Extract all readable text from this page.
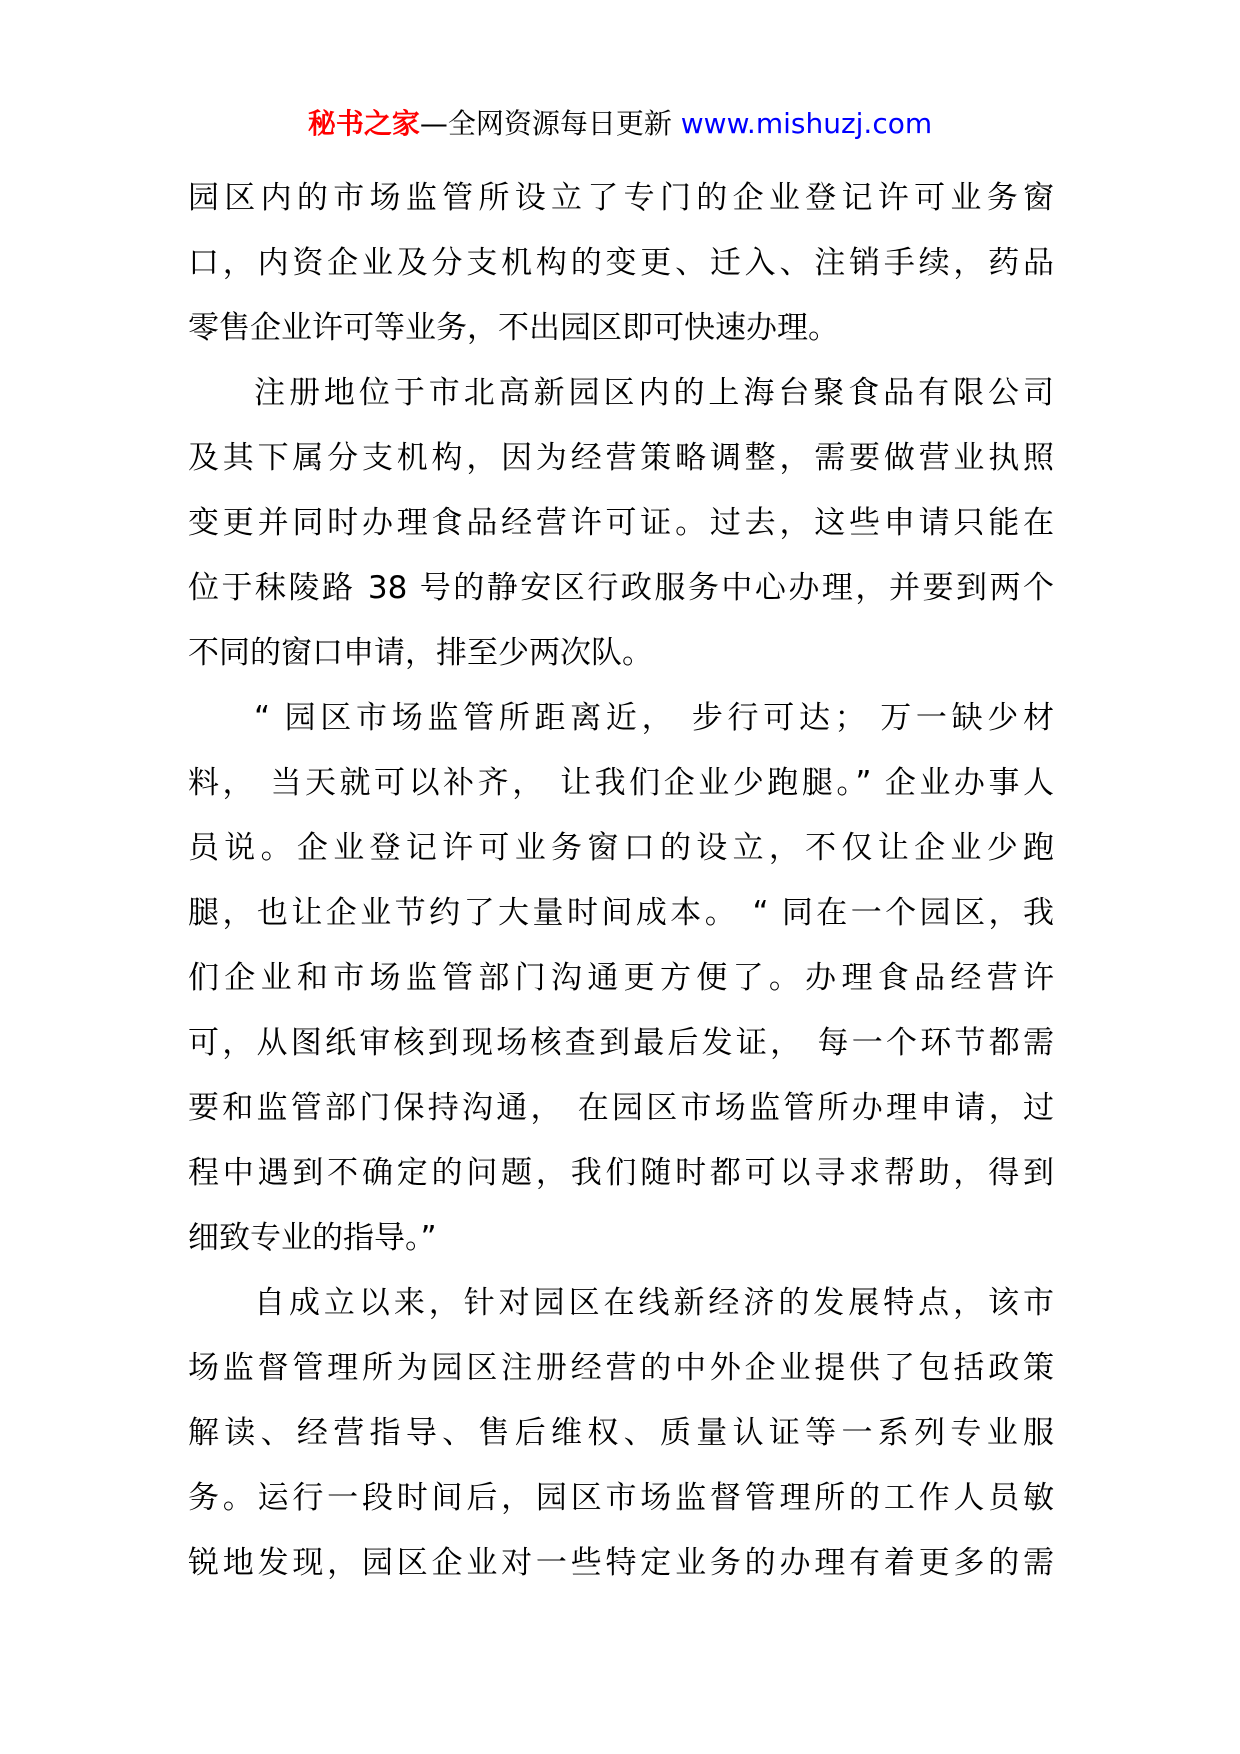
秘书之家—全网资源每日更新 www.mishuzj.com
园区内的市场监管所设立了专门的企业登记许可业务窗
口，内资企业及分支机构的变更、迁入、注销手续，药品
零售企业许可等业务，不出园区即可快速办理。
注册地位于市北高新园区内的上海台聚食品有限公司
及其下属分支机构，因为经营策略调整，需要做营业执照
变更并同时办理食品经营许可证。过去，这些申请只能在
位于秣陵路 38 号的静安区行政服务中心办理，并要到两个
不同的窗口申请，排至少两次队。
“ 园区市场监管所距离近， 步行可达； 万一缺少材
料， 当天就可以补齐， 让我们企业少跑腿。” 企业办事人
员说。企业登记许可业务窗口的设立，不仅让企业少跑
腿，也让企业节约了大量时间成本。 “ 同在一个园区，我
们企业和市场监管部门沟通更方便了。办理食品经营许
可，从图纸审核到现场核查到最后发证， 每一个环节都需
要和监管部门保持沟通， 在园区市场监管所办理申请，过
程中遇到不确定的问题，我们随时都可以寻求帮助，得到
细致专业的指导。”
自成立以来，针对园区在线新经济的发展特点，该市
场监督管理所为园区注册经营的中外企业提供了包括政策
解读、经营指导、售后维权、质量认证等一系列专业服
务。运行一段时间后，园区市场监督管理所的工作人员敏
锐地发现，园区企业对一些特定业务的办理有着更多的需
